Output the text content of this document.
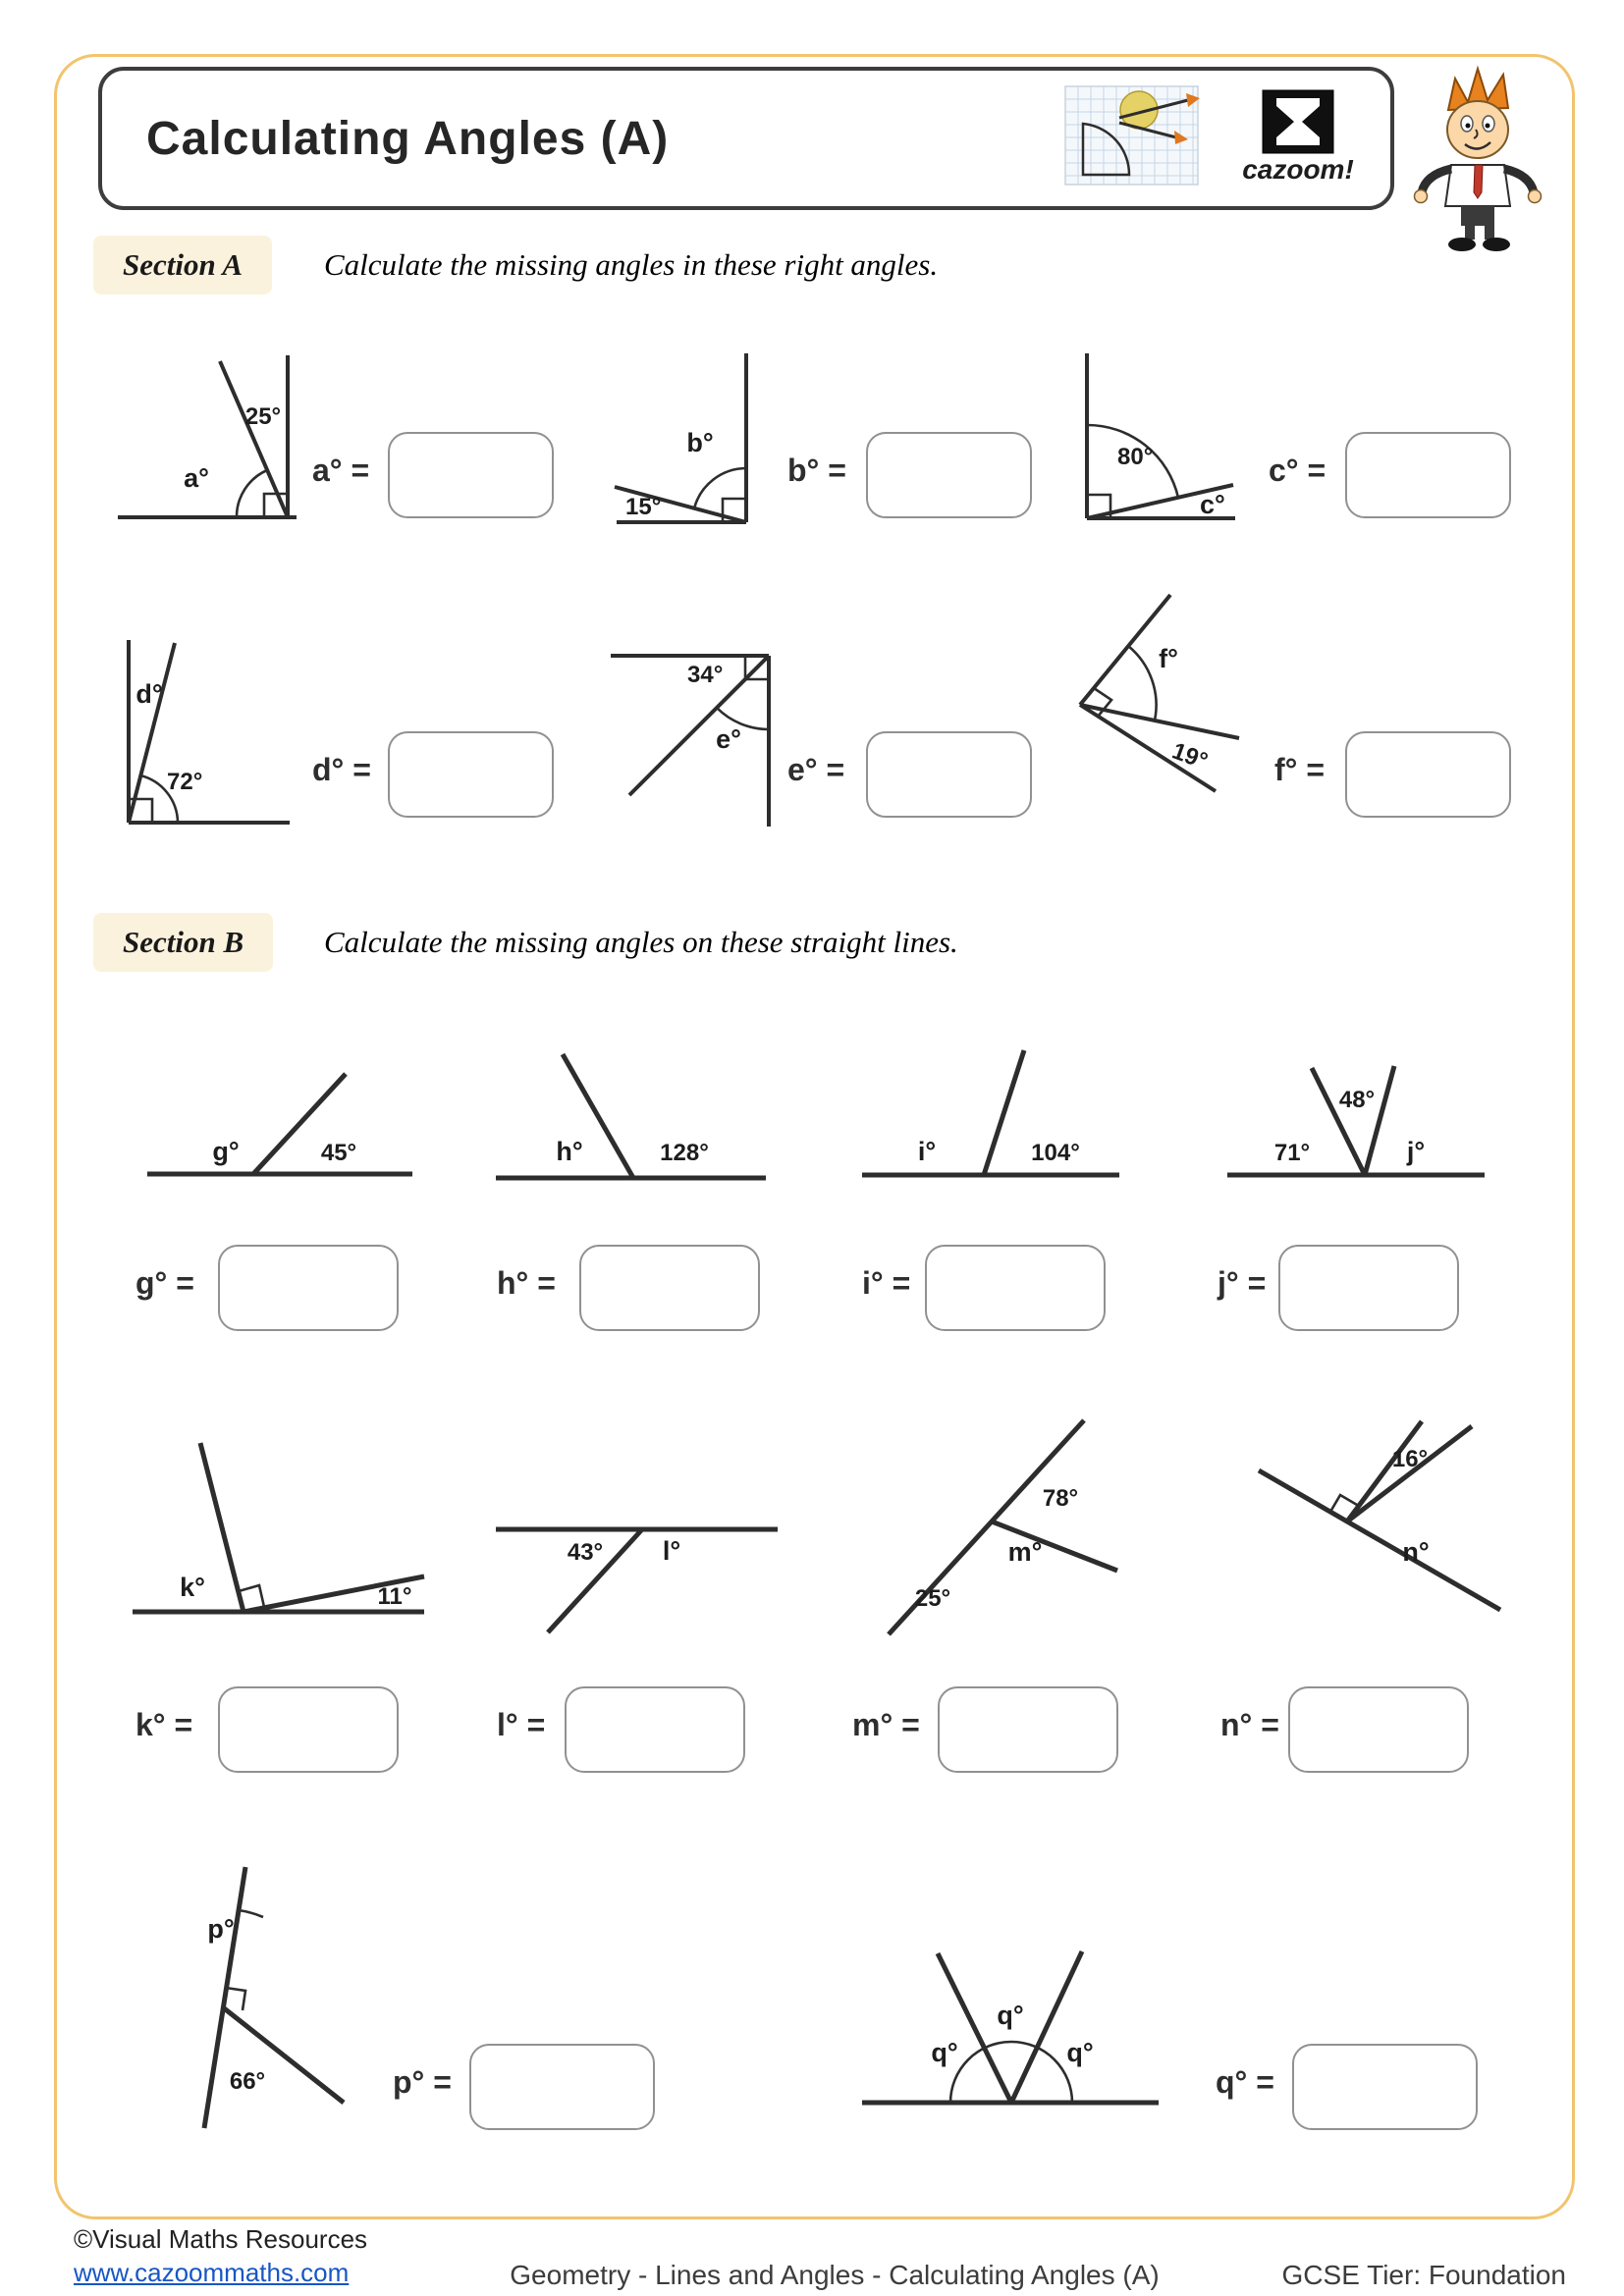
Calculating Angles (A)
Section A	Calculate the missing angles in these right angles.
a° =	b° =	c° =
d° =	e° =	f° =
Section B	Calculate the missing angles on these straight lines.
g° =	h° =	i° =	j° =
k° =	l° =	m° =	n° =
p° =	q° =
©Visual Maths Resources
www.cazoommaths.com	Geometry - Lines and Angles - Calculating Angles (A)	GCSE Tier: Foundation
cazoom!
25°
a°
b°
15°
80°
c°
d°
72°
34°
e°
f°
19°
g°	45°	h°	128°	i°	104°	71°
48°
j°
k°	11°
43° l°
78°
m°
25°
16°
n°
p°
66°
q°
q°
q°
